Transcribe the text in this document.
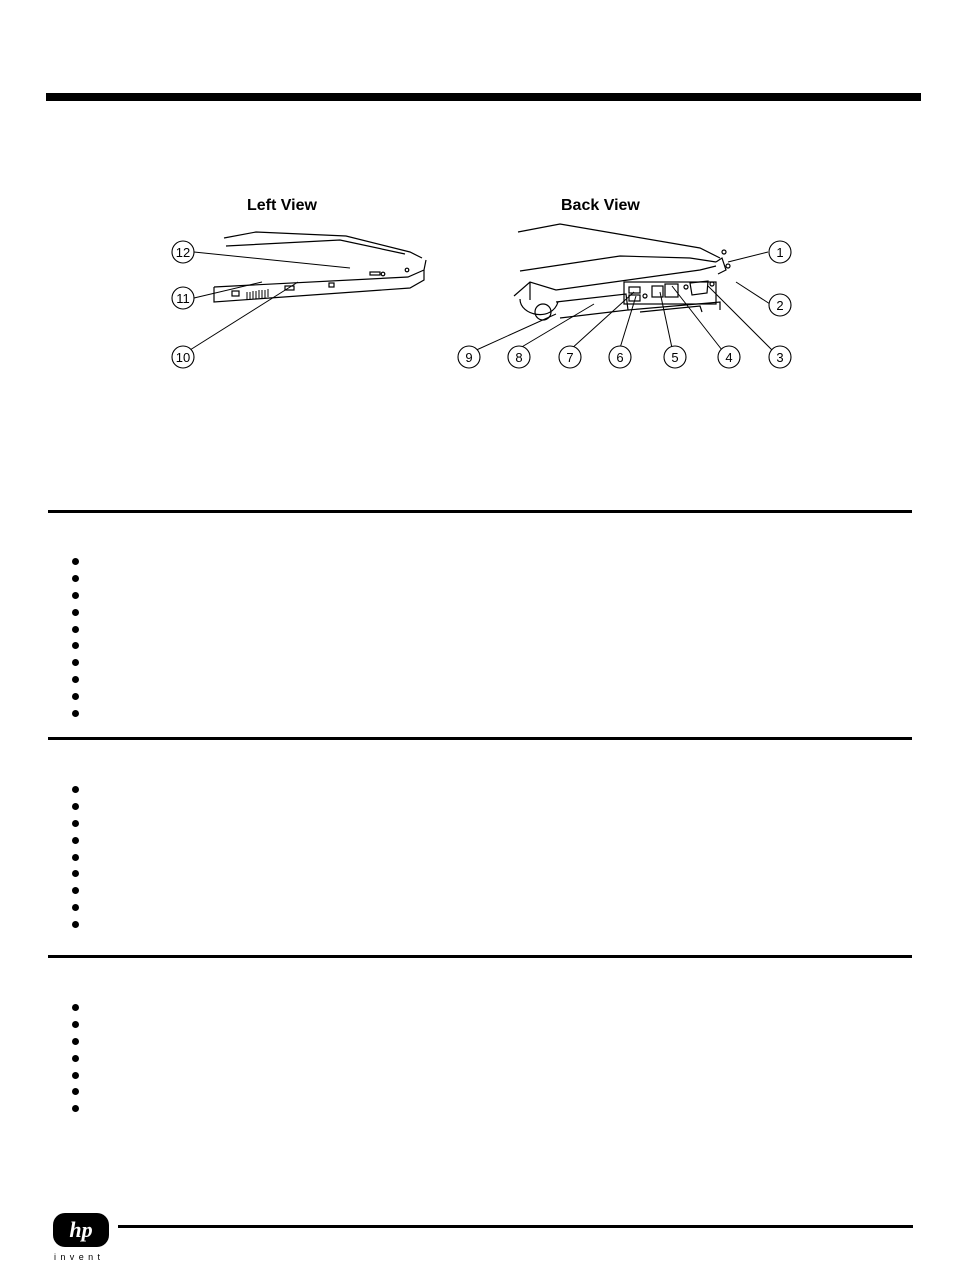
Left View	Back View
12
11
10
1
2
3
4
5
6
7
8
9
hp
invent
